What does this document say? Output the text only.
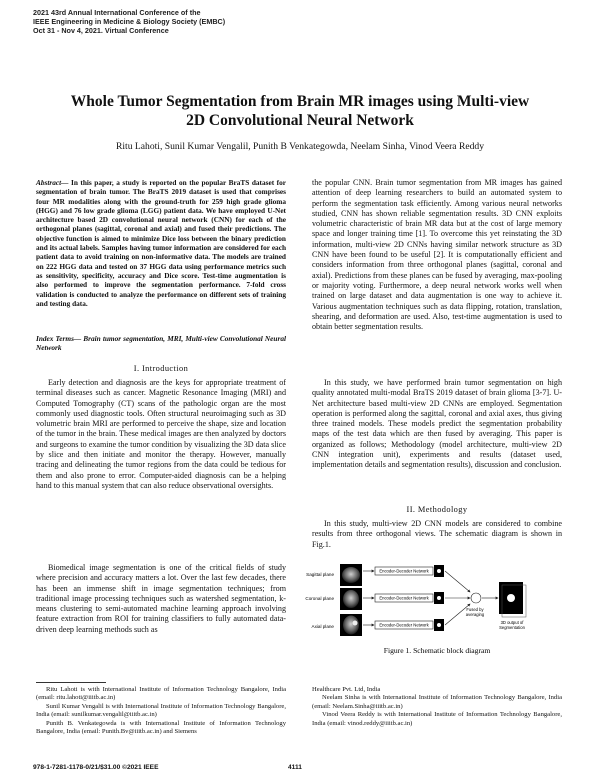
2021 43rd Annual International Conference of the
IEEE Engineering in Medicine & Biology Society (EMBC)
Oct 31 - Nov 4, 2021. Virtual Conference
Whole Tumor Segmentation from Brain MR images using Multi-view 2D Convolutional Neural Network
Ritu Lahoti, Sunil Kumar Vengalil, Punith B Venkategowda, Neelam Sinha, Vinod Veera Reddy
Abstract— In this paper, a study is reported on the popular BraTS dataset for segmentation of brain tumor. The BraTS 2019 dataset is used that comprises four MR modalities along with the ground-truth for 259 high grade glioma (HGG) and 76 low grade glioma (LGG) patient data. We have employed U-Net architecture based 2D convolutional neural network (CNN) for each of the orthogonal planes (sagittal, coronal and axial) and fused their predictions. The objective function is aimed to minimize Dice loss between the binary prediction and its actual labels. Samples having tumor information are considered for each patient data to avoid training on non-informative data. The models are trained on 222 HGG data and tested on 37 HGG data using performance metrics such as sensitivity, specificity, accuracy and Dice score. Test-time augmentation is also performed to improve the segmentation performance. 7-fold cross validation is conducted to analyze the performance on different sets of training and testing data.
Index Terms— Brain tumor segmentation, MRI, Multi-view Convolutional Neural Network
I. Introduction

Early detection and diagnosis are the keys for appropriate treatment of terminal diseases such as cancer. Magnetic Resonance Imaging (MRI) and Computed Tomography (CT) scans of the pathologic organ are the most commonly used diagnostic tools. Often structural neuroimaging such as 3D volumetric brain MRI are performed to perceive the shape, size and location of the tumor in the brain. These medical images are then analyzed by doctors and surgeons to examine the tumor condition by visualizing the 3D data slice by slice and then initiate and monitor the therapy. However, manually tracing and delineating the tumor regions from the data could be tedious for them and also prone to error. Computer-aided diagnosis can be a helping hand to this manual system that can also reduce observational oversights.

Biomedical image segmentation is one of the critical fields of study where precision and accuracy matters a lot. Over the last few decades, there has been an immense shift in image segmentation techniques; from traditional image processing techniques such as watershed segmentation, k-means clustering to semi-automated machine learning approach involving feature extraction from ROI for training classifiers to fully automated data-driven deep learning methods such as

the popular CNN. Brain tumor segmentation from MR images has gained attention of deep learning researchers to build an automated system to perform the segmentation task efficiently. Among various neural networks studied, CNN has shown reliable segmentation results. 3D CNN exploits volumetric characteristic of brain MR data but at the cost of large memory space and longer training time [1]. To overcome this yet reinstating the 3D information, multi-view 2D CNNs having similar network structure as 3D CNN have been found to be useful [2]. It is computationally efficient and considers information from three orthogonal planes (sagittal, coronal and axial). Predictions from these planes can be fused by averaging, max-pooling or majority voting. Furthermore, a deep neural network works well when trained on large dataset and data augmentation is one way to achieve it. Various augmentation techniques such as data flipping, rotation, translation, shearing, and deformation are used. Also, test-time augmentation is used to obtain better segmentation results.

In this study, we have performed brain tumor segmentation on high quality annotated multi-modal BraTS 2019 dataset of brain glioma [3-7]. U-Net architecture based multi-view 2D CNNs are employed. Segmentation operation is performed along the sagittal, coronal and axial axes, thus giving three trained models. These models predict the segmentation probability maps of the test data which are then fused by averaging. This paper is organized as follows; Methodology (model architecture, multi-view 2D CNN integration unit), experiments and results (dataset used, implementation details and segmentation results), discussion and conclusion.

II. Methodology

In this study, multi-view 2D CNN models are considered to combine results from three orthogonal views. The schematic diagram is shown in Fig.1.

Sagittal plane
Coronal plane
Axial plane
Encoder-Decoder Network
Encoder-Decoder Network
Encoder-Decoder Network
Fused by
averaging
3D output of
Segmentation
Figure 1. Schematic block diagram
Ritu Lahoti is with International Institute of Information Technology Bangalore, India (email: ritu.lahoti@iiitb.ac.in)
Sunil Kumar Vengalil is with International Institute of Information Technology Bangalore, India (email: sunilkumar.vengalil@iiitb.ac.in)
Punith B. Venkategowda is with International Institute of Information Technology Bangalore, India (email: Punith.Bv@iiitb.ac.in) and Siemens
Healthcare Pvt. Ltd, India
Neelam Sinha is with International Institute of Information Technology Bangalore, India (email: Neelam.Sinha@iiitb.ac.in)
Vinod Veera Reddy is with International Institute of Information Technology Bangalore, India (email: vinod.reddy@iiitb.ac.in)
978-1-7281-1178-0/21/$31.00 ©2021 IEEE	4111
